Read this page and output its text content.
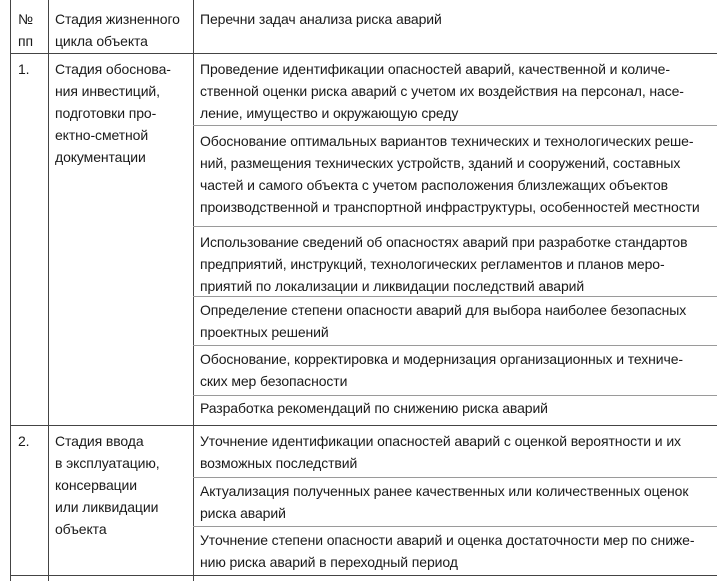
№
пп
Стадия жизненного
цикла объекта
Перечни задач анализа риска аварий
1. Стадия обоснова-
ния инвестиций,
подготовки про-
ектно-сметной
документации
Проведение идентификации опасностей аварий, качественной и количе-
ственной оценки риска аварий с учетом их воздействия на персонал, насе-
ление, имущество и окружающую среду
Обоснование оптимальных вариантов технических и технологических реше-
ний, размещения технических устройств, зданий и сооружений, составных
частей и самого объекта с учетом расположения близлежащих объектов
производственной и транспортной инфраструктуры, особенностей местности
Использование сведений об опасностях аварий при разработке стандартов
предприятий, инструкций, технологических регламентов и планов меро-
приятий по локализации и ликвидации последствий аварий
Определение степени опасности аварий для выбора наиболее безопасных
проектных решений
Обоснование, корректировка и модернизация организационных и техниче-
ских мер безопасности
Разработка рекомендаций по снижению риска аварий
2. Стадия ввода
в эксплуатацию,
консервации
или ликвидации
объекта
Уточнение идентификации опасностей аварий с оценкой вероятности и их
возможных последствий
Актуализация полученных ранее качественных или количественных оценок
риска аварий
Уточнение степени опасности аварий и оценка достаточности мер по сниже-
нию риска аварий в переходный период
